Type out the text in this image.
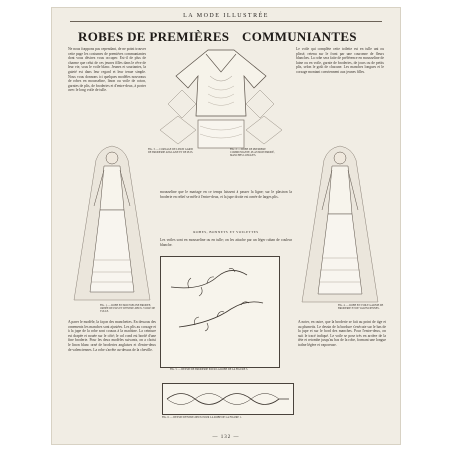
LA MODE ILLUSTRÉE
ROBES DE PREMIÈRES COMMUNIANTES

Ne nous frappons pas cependant, de ne point trouver cette page les costumes de premières communiantes dont vous désirez vous occuper. Est-il de plus de charme que celui de ces jeunes filles dans le rêve de leur vie, sous le voile blanc. Jeunes et souriantes, la gaieté est dans leur regard et leur tenue simple. Nous vous donnons ici quelques modèles nouveaux de robes en mousseline, linon ou voile de coton, garnies de plis, de broderies et d'entre-deux, à porter avec le long voile de tulle.

Le voile qui complète cette toilette est en tulle uni ou plissé, retenu sur le front par une couronne de fleurs blanches. La robe sera faite de préférence en mousseline de laine ou en voile, garnie de broderies, de jours ou de petits plis, selon le goût de chacune. Les manches longues et le corsage montant conviennent aux jeunes filles.

FIG. 3. — CORSAGE DE LINON GARNI DE BRODERIE ANGLAISE ET DE PLIS.
FIG. 2. — ROBE DE PREMIÈRE COMMUNIANTE, PLASTRON BRODÉ, MANCHES LONGUES.
FIG. 1. — ROBE EN MOUSSELINE BRODÉE, ORNÉE DE PLIS ET D'ENTRE-DEUX. VOILE DE TULLE.
FIG. 4. — ROBE EN VOILE GARNIE DE BRODERIE ET DE VALENCIENNES.

mousseline que le mariage en ce temps laissent à passer la ligne; sur le plastron la broderie en relief se mêle à l'entre-deux, et la jupe droite est ornée de larges plis.

ROBES, BONNETS ET VOILETTES

Les voiles sont en mousseline ou en tulle; on les attache par un léger ruban de couleur blanche.

FIG. 5. — DESSIN DE BRODERIE POUR LA ROBE DE LA FIGURE 3.

A parer le modèle, la façon des manchettes. En dessous des ornements les manches sont ajustées. Les plis au corsage et à la jupe de la robe sont cousus à la machine. La ceinture est drapée et nouée sur le côté; le col rond est bordé d'une fine broderie. Pour les deux modèles suivants, on a choisi le linon blanc orné de broderies anglaises et d'entre-deux de valenciennes. La robe s'arrête au-dessus de la cheville.

A noter, en outre, que la broderie se fait au point de tige et au plumetis. Le dessin de la bordure s'exécute sur le bas de la jupe et sur le bord des manches. Pour l'entre-deux, on suit le tracé indiqué. Le voile se pose très en arrière de la tête et retombe jusqu'au bas de la robe, formant une longue traîne légère et vaporeuse.

FIG. 6. — DESSIN D'ENTRE-DEUX POUR LA ROBE DE LA FIGURE 1.
— 132 —
